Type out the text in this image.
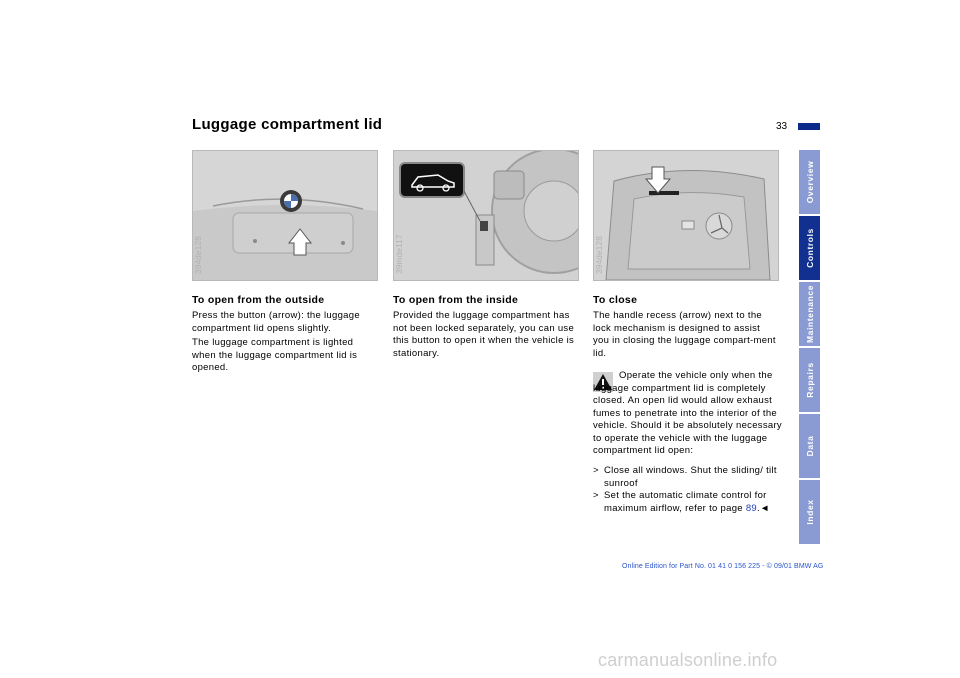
Luggage compartment lid	33
394de128	39mde117	394de128
To open from the outside
Press the button (arrow): the luggage compartment lid opens slightly.
The luggage compartment is lighted when the luggage compartment lid is opened.
To open from the inside
Provided the luggage compartment has not been locked separately, you can use this button to open it when the vehicle is stationary.
To close
The handle recess (arrow) next to the lock mechanism is designed to assist you in closing the luggage compart-ment lid.
Operate the vehicle only when the luggage compartment lid is completely closed. An open lid would allow exhaust fumes to penetrate into the interior of the vehicle. Should it be absolutely necessary to operate the vehicle with the luggage compartment lid open:
> Close all windows. Shut the sliding/ tilt sunroof
> Set the automatic climate control for maximum airflow, refer to page 89.◄
Overview
Controls
Maintenance
Repairs
Data
Index
Online Edition for Part No. 01 41 0 156 225 - © 09/01 BMW AG
carmanualsonline.info
